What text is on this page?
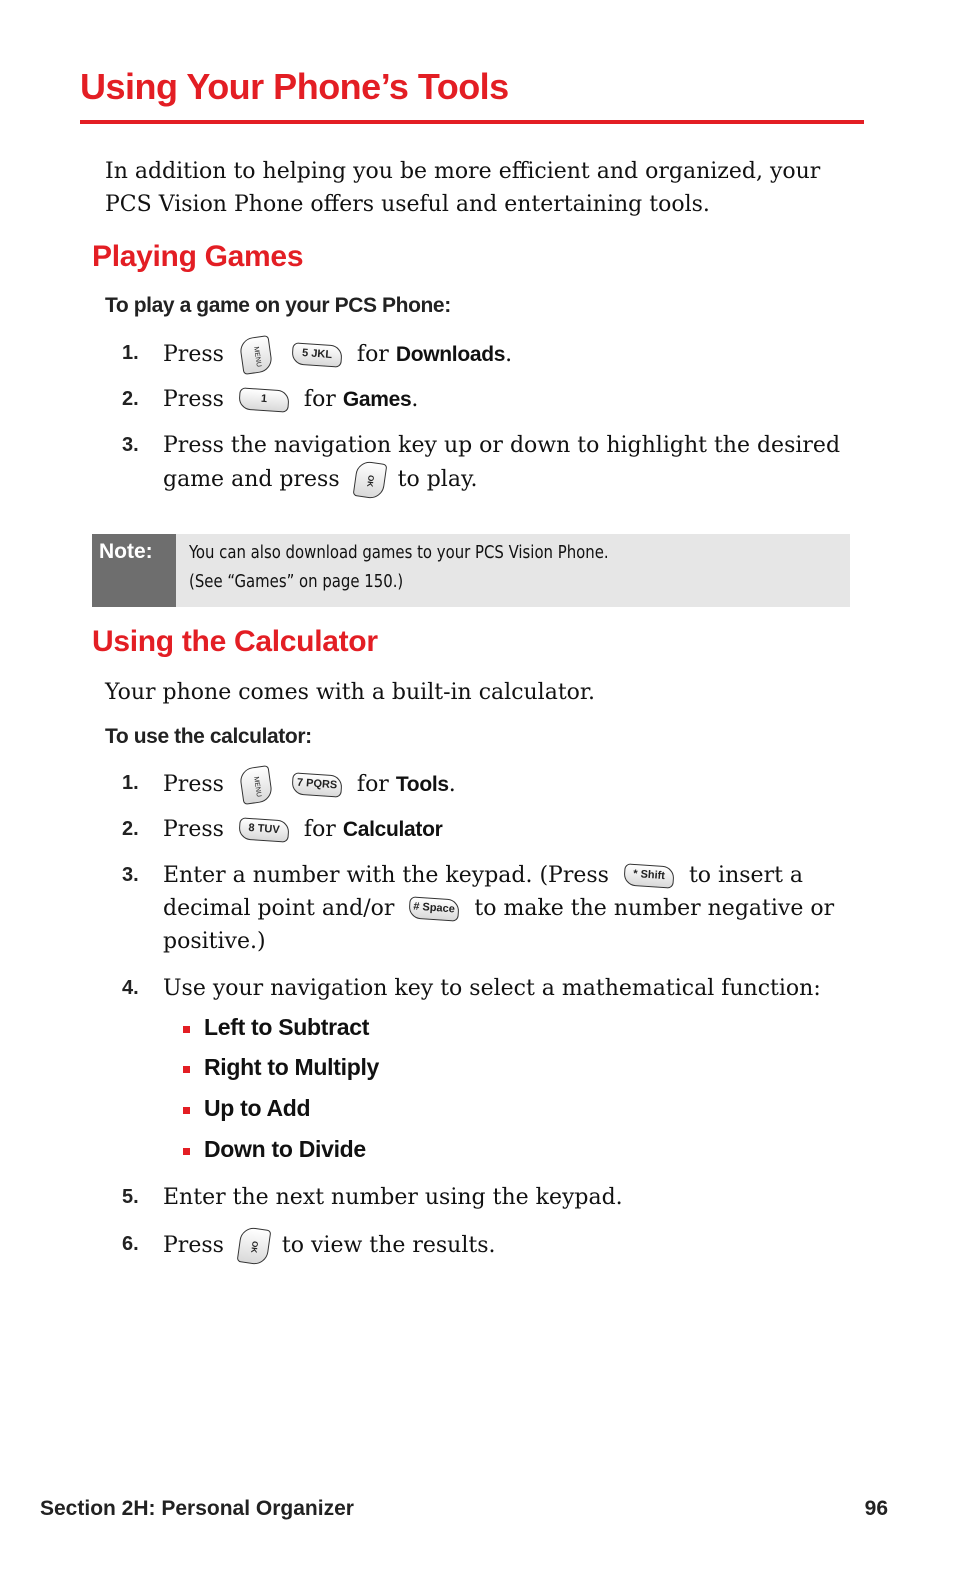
Using Your Phone’s Tools
In addition to helping you be more efficient and organized, your PCS Vision Phone offers useful and entertaining tools.
Playing Games
To play a game on your PCS Phone:
1.	Press	MENU	5 JKL for Downloads.
2.	Press	1 for Games.
3.	Press the navigation key up or down to highlight the desired game and press	OK to play.
Note:	You can also download games to your PCS Vision Phone.
(See “Games” on page 150.)
Using the Calculator
Your phone comes with a built-in calculator.
To use the calculator:
1.	Press	MENU	7 PQRS for Tools.
2.	Press 8 TUV for Calculator
3.	Enter a number with the keypad. (Press * Shift to insert a decimal point and/or # Space to make the number negative or positive.)
4.	Use your navigation key to select a mathematical function:
Left to Subtract
Right to Multiply
Up to Add
Down to Divide
5.	Enter the next number using the keypad.
6.	Press	OK to view the results.
Section 2H: Personal Organizer	96
